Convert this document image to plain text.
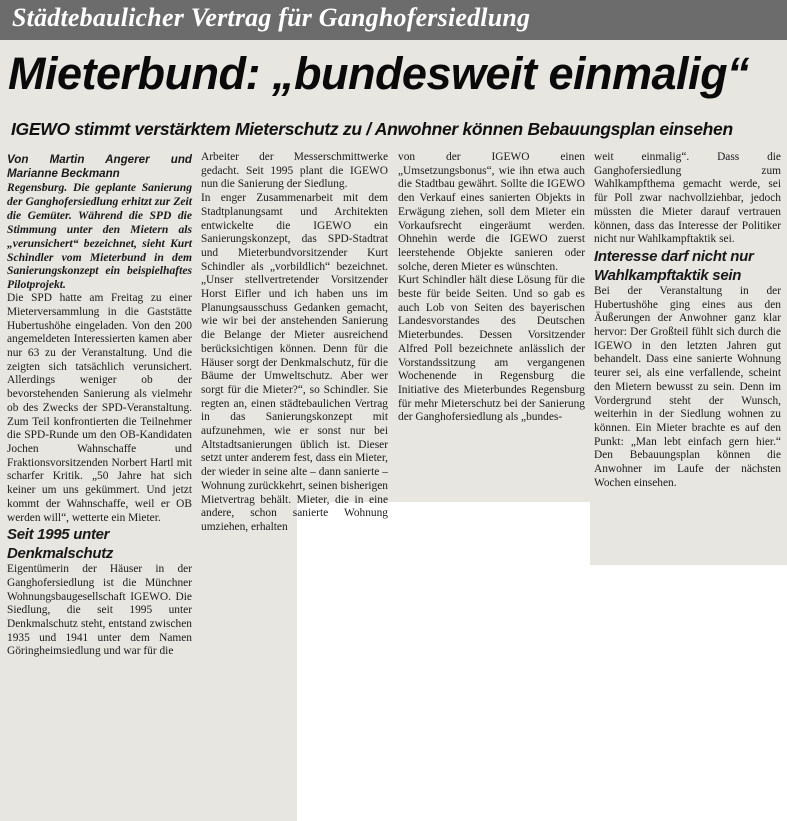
Städtebaulicher Vertrag für Ganghofersiedlung
Mieterbund: „bundesweit einmalig“
IGEWO stimmt verstärktem Mieterschutz zu / Anwohner können Bebauungsplan einsehen

Von Martin Angerer und Marianne Beckmann

Regensburg. Die geplante Sanierung der Ganghofersiedlung erhitzt zur Zeit die Gemüter. Während die SPD die Stimmung unter den Mietern als „verunsichert“ bezeichnet, sieht Kurt Schindler vom Mieterbund in dem Sanierungskonzept ein beispielhaftes Pilotprojekt.

Die SPD hatte am Freitag zu einer Mieterversammlung in die Gaststätte Hubertushöhe eingeladen. Von den 200 angemeldeten Interessierten kamen aber nur 63 zu der Veranstaltung. Und die zeigten sich tatsächlich verunsichert. Allerdings weniger ob der bevorstehenden Sanierung als vielmehr ob des Zwecks der SPD-Veranstaltung. Zum Teil konfrontierten die Teilnehmer die SPD-Runde um den OB-Kandidaten Jochen Wahnschaffe und Fraktionsvorsitzenden Norbert Hartl mit scharfer Kritik. „50 Jahre hat sich keiner um uns gekümmert. Und jetzt kommt der Wahnschaffe, weil er OB werden will“, wetterte ein Mieter.

Seit 1995 unter Denkmalschutz

Eigentümerin der Häuser in der Ganghofersiedlung ist die Münchner Wohnungsbaugesellschaft IGEWO. Die Siedlung, die seit 1995 unter Denkmalschutz steht, entstand zwischen 1935 und 1941 unter dem Namen Göringheimsiedlung und war für die

Arbeiter der Messerschmittwerke gedacht. Seit 1995 plant die IGEWO nun die Sanierung der Siedlung.

In enger Zusammenarbeit mit dem Stadtplanungsamt und Architekten entwickelte die IGEWO ein Sanierungskonzept, das SPD-Stadtrat und Mieterbundvorsitzender Kurt Schindler als „vorbildlich“ bezeichnet. „Unser stellvertretender Vorsitzender Horst Eifler und ich haben uns im Planungsausschuss Gedanken gemacht, wie wir bei der anstehenden Sanierung die Belange der Mieter ausreichend berücksichtigen können. Denn für die Häuser sorgt der Denkmalschutz, für die Bäume der Umweltschutz. Aber wer sorgt für die Mieter?“, so Schindler. Sie regten an, einen städtebaulichen Vertrag in das Sanierungskonzept mit aufzunehmen, wie er sonst nur bei Altstadtsanierungen üblich ist. Dieser setzt unter anderem fest, dass ein Mieter, der wieder in seine alte – dann sanierte – Wohnung zurückkehrt, seinen bisherigen Mietvertrag behält. Mieter, die in eine andere, schon sanierte Wohnung umziehen, erhalten

von der IGEWO einen „Umsetzungsbonus“, wie ihn etwa auch die Stadtbau gewährt. Sollte die IGEWO den Verkauf eines sanierten Objekts in Erwägung ziehen, soll dem Mieter ein Vorkaufsrecht eingeräumt werden. Ohnehin werde die IGEWO zuerst leerstehende Objekte sanieren oder solche, deren Mieter es wünschten.

Kurt Schindler hält diese Lösung für die beste für beide Seiten. Und so gab es auch Lob von Seiten des bayerischen Landesvorstandes des Deutschen Mieterbundes. Dessen Vorsitzender Alfred Poll bezeichnete anlässlich der Vorstandssitzung am vergangenen Wochenende in Regensburg die Initiative des Mieterbundes Regensburg für mehr Mieterschutz bei der Sanierung der Ganghofersiedlung als „bundes-

weit einmalig“. Dass die Ganghofersiedlung zum Wahlkampfthema gemacht werde, sei für Poll zwar nachvollziehbar, jedoch müssten die Mieter darauf vertrauen können, dass das Interesse der Politiker nicht nur Wahlkampftaktik sei.

Interesse darf nicht nur Wahlkampftaktik sein

Bei der Veranstaltung in der Hubertushöhe ging eines aus den Äußerungen der Anwohner ganz klar hervor: Der Großteil fühlt sich durch die IGEWO in den letzten Jahren gut behandelt. Dass eine sanierte Wohnung teurer sei, als eine verfallende, scheint den Mietern bewusst zu sein. Denn im Vordergrund steht der Wunsch, weiterhin in der Siedlung wohnen zu können. Ein Mieter brachte es auf den Punkt: „Man lebt einfach gern hier.“ Den Bebauungsplan können die Anwohner im Laufe der nächsten Wochen einsehen.
